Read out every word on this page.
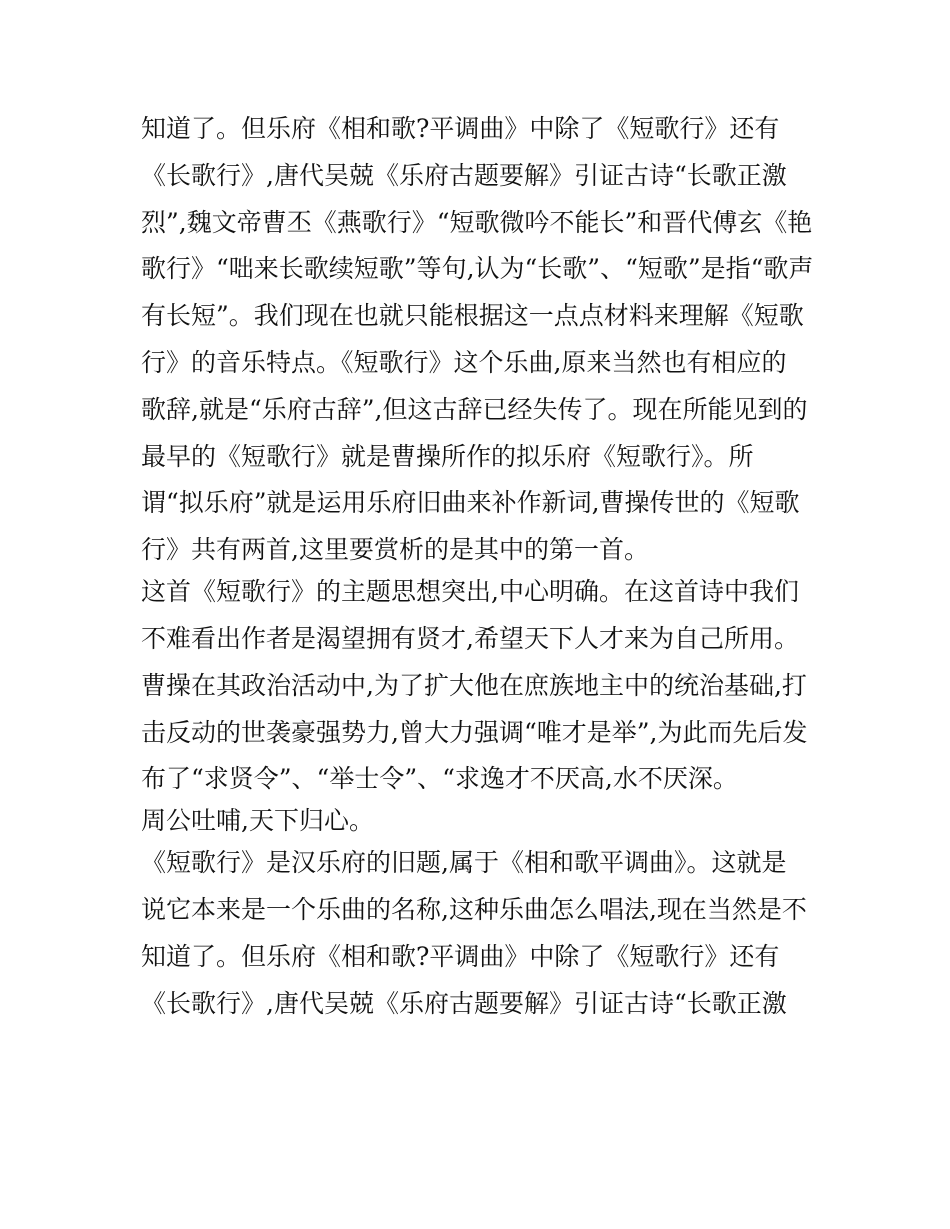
知道了。但乐府《相和歌?平调曲》中除了《短歌行》还有
《长歌行》,唐代吴兢《乐府古题要解》引证古诗“长歌正激
烈”,魏文帝曹丕《燕歌行》“短歌微吟不能长”和晋代傅玄《艳
歌行》“咄来长歌续短歌”等句,认为“长歌”、“短歌”是指“歌声
有长短”。我们现在也就只能根据这一点点材料来理解《短歌
行》的音乐特点。《短歌行》这个乐曲,原来当然也有相应的
歌辞,就是“乐府古辞”,但这古辞已经失传了。现在所能见到的
最早的《短歌行》就是曹操所作的拟乐府《短歌行》。所
谓“拟乐府”就是运用乐府旧曲来补作新词,曹操传世的《短歌
行》共有两首,这里要赏析的是其中的第一首。
这首《短歌行》的主题思想突出,中心明确。在这首诗中我们
不难看出作者是渴望拥有贤才,希望天下人才来为自己所用。
曹操在其政治活动中,为了扩大他在庶族地主中的统治基础,打
击反动的世袭豪强势力,曾大力强调“唯才是举”,为此而先后发
布了“求贤令”、“举士令”、“求逸才不厌高,水不厌深。
周公吐哺,天下归心。
《短歌行》是汉乐府的旧题,属于《相和歌平调曲》。这就是
说它本来是一个乐曲的名称,这种乐曲怎么唱法,现在当然是不
知道了。但乐府《相和歌?平调曲》中除了《短歌行》还有
《长歌行》,唐代吴兢《乐府古题要解》引证古诗“长歌正激
